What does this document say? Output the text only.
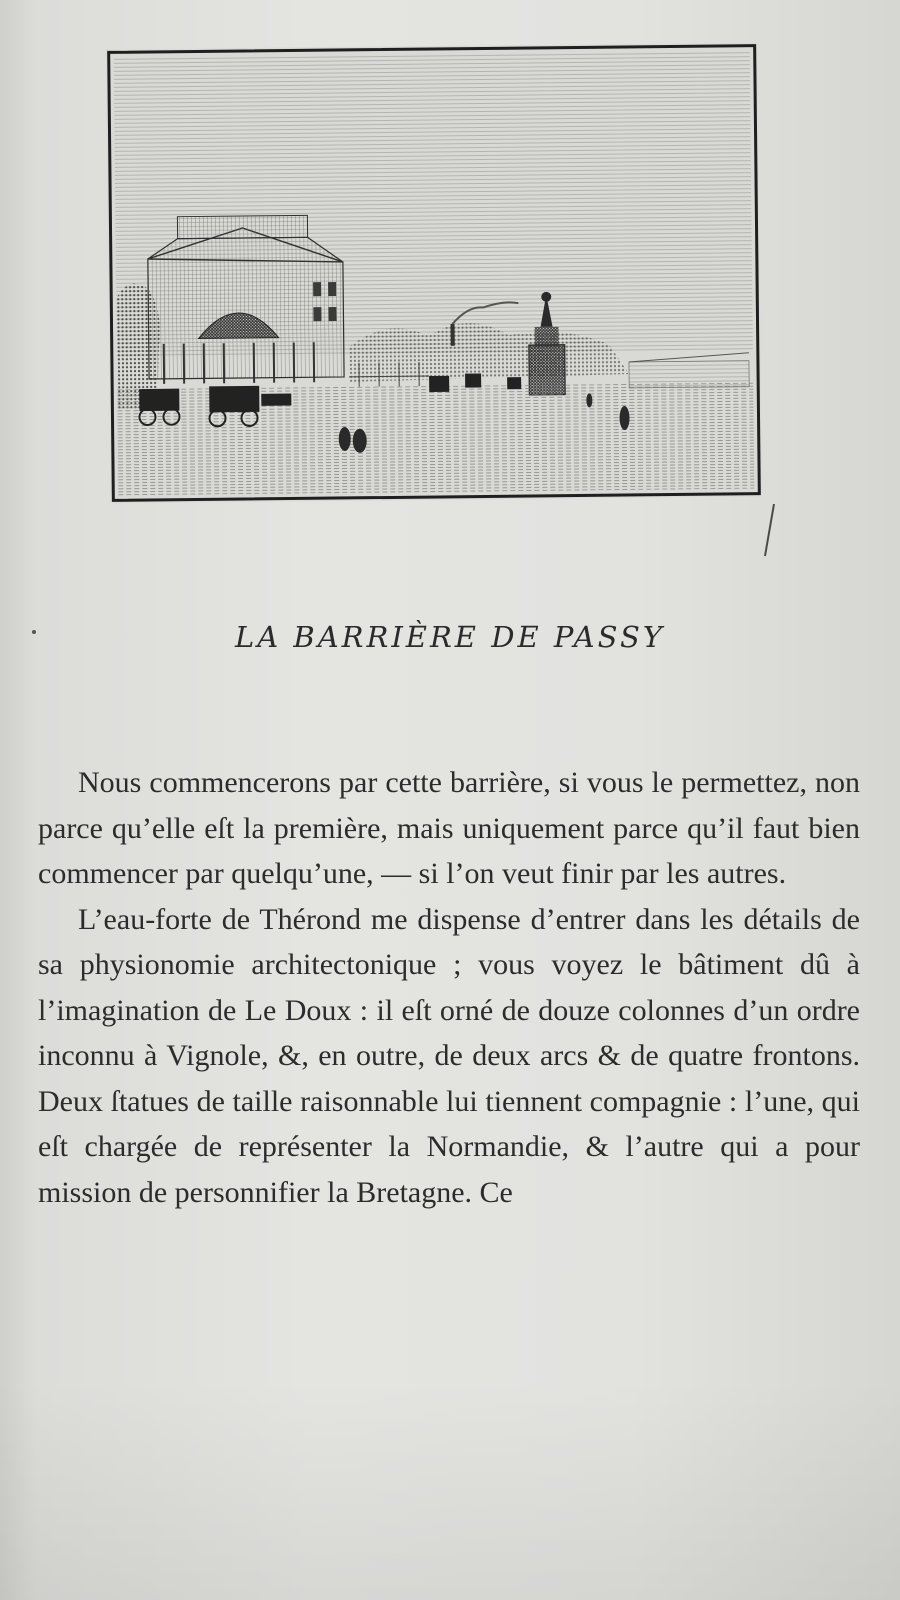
LA BARRIÈRE DE PASSY

Nous commencerons par cette barrière, si vous le permettez, non parce qu’elle eſt la première, mais uniquement parce qu’il faut bien commencer par quelqu’une, — si l’on veut finir par les autres.

L’eau-forte de Thérond me dispense d’entrer dans les détails de sa physionomie architectonique ; vous voyez le bâtiment dû à l’imagination de Le Doux : il eſt orné de douze colonnes d’un ordre inconnu à Vignole, &, en outre, de deux arcs & de quatre frontons. Deux ſtatues de taille raisonnable lui tiennent compagnie : l’une, qui eſt chargée de représenter la Normandie, & l’autre qui a pour mission de personnifier la Bretagne. Ce
